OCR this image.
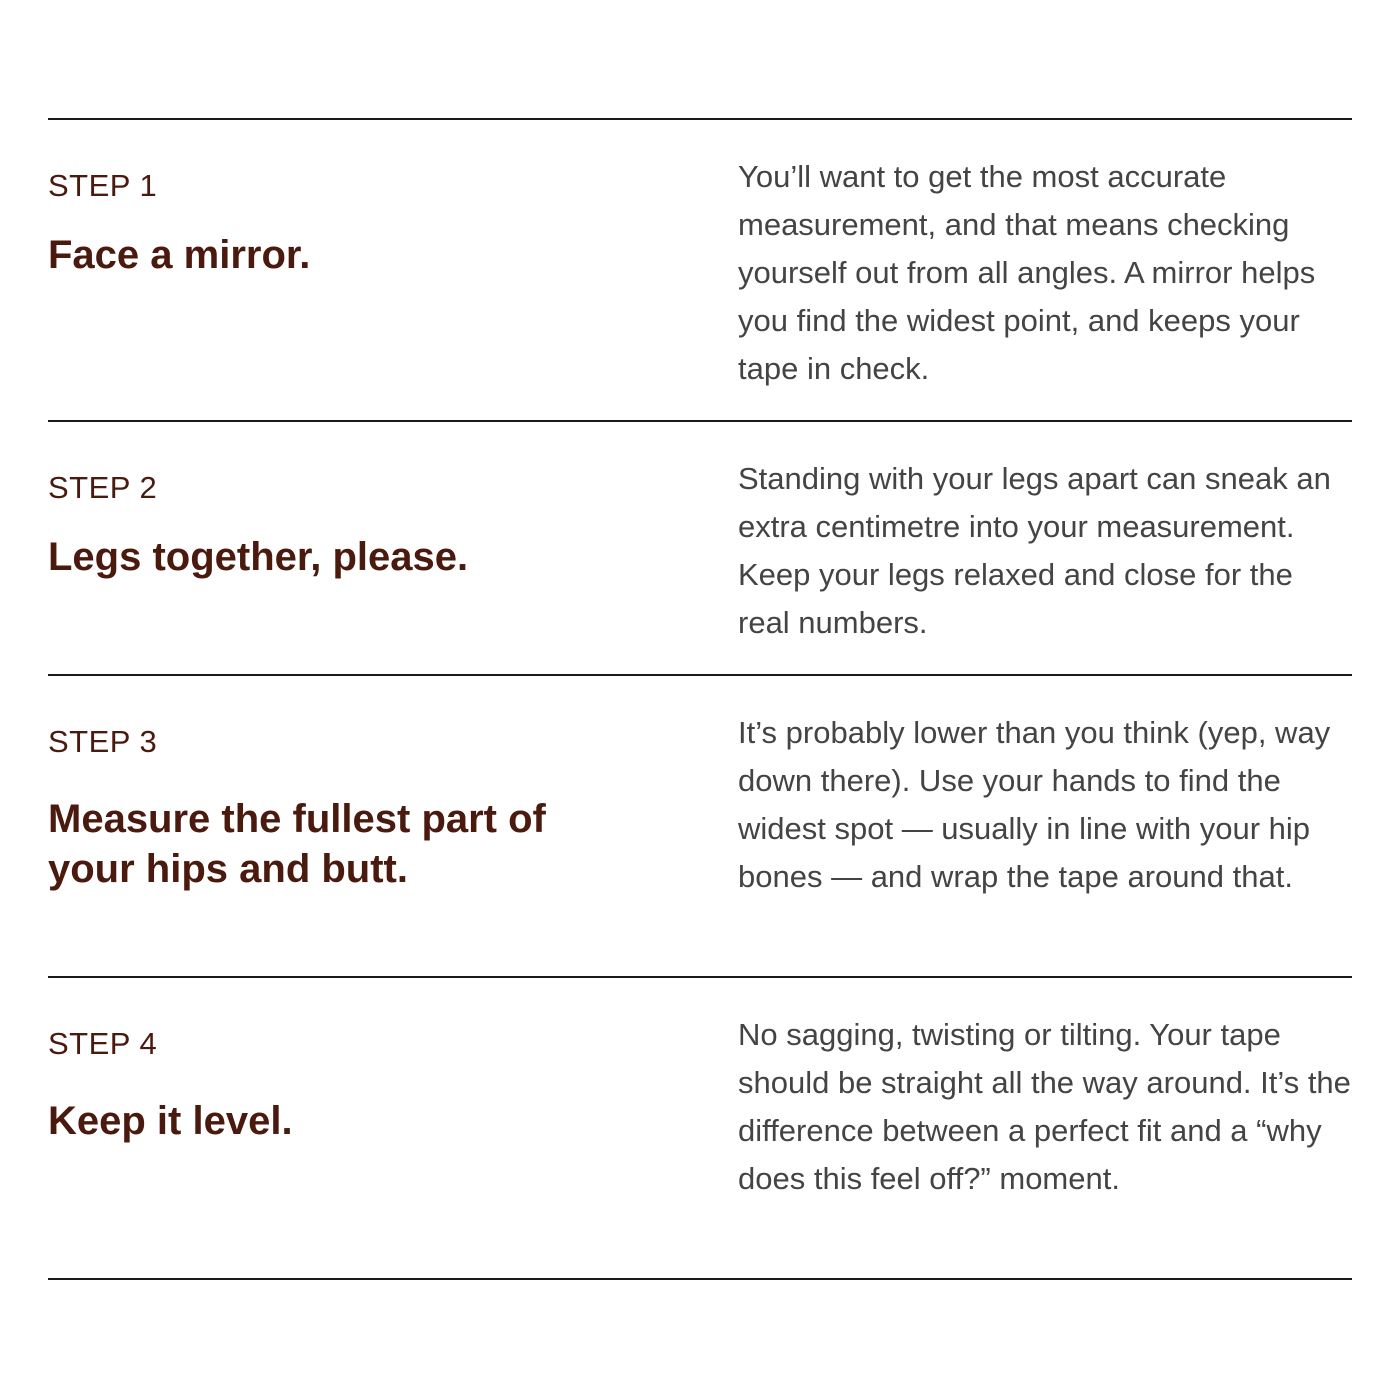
STEP 1
Face a mirror.

You’ll want to get the most accurate measurement, and that means checking yourself out from all angles. A mirror helps you find the widest point, and keeps your tape in check.

STEP 2
Legs together, please.

Standing with your legs apart can sneak an extra centimetre into your measurement. Keep your legs relaxed and close for the real numbers.

STEP 3
Measure the fullest part of your hips and butt.

It’s probably lower than you think (yep, way down there). Use your hands to find the widest spot — usually in line with your hip bones — and wrap the tape around that.

STEP 4
Keep it level.

No sagging, twisting or tilting. Your tape should be straight all the way around. It’s the difference between a perfect fit and a “why does this feel off?” moment.
